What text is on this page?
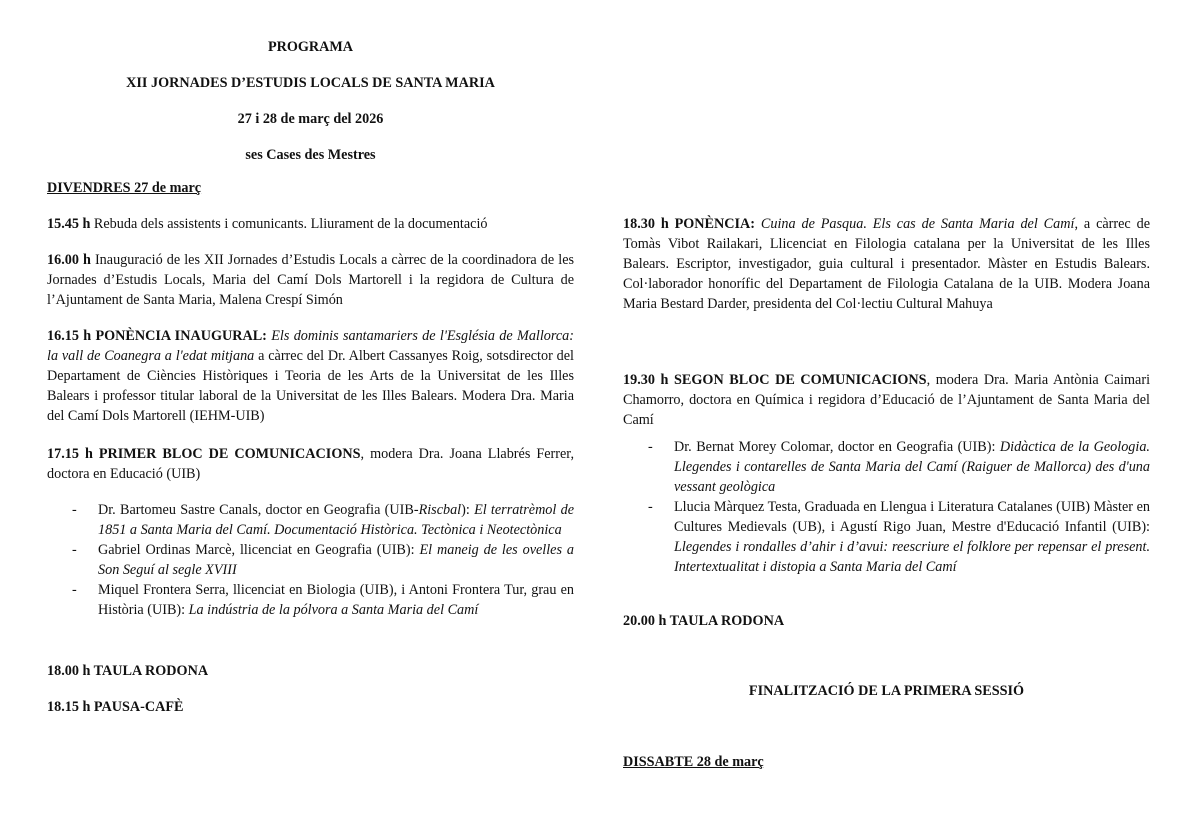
PROGRAMA
XII JORNADES D’ESTUDIS LOCALS DE SANTA MARIA
27 i 28 de març del 2026
ses Cases des Mestres
DIVENDRES 27 de març

15.45 h Rebuda dels assistents i comunicants. Lliurament de la documentació

16.00 h Inauguració de les XII Jornades d’Estudis Locals a càrrec de la coordinadora de les Jornades d’Estudis Locals, Maria del Camí Dols Martorell i la regidora de Cultura de l’Ajuntament de Santa Maria, Malena Crespí Simón

16.15 h PONÈNCIA INAUGURAL: Els dominis santamariers de l'Església de Mallorca: la vall de Coanegra a l'edat mitjana a càrrec del Dr. Albert Cassanyes Roig, sotsdirector del Departament de Ciències Històriques i Teoria de les Arts de la Universitat de les Illes Balears i professor titular laboral de la Universitat de les Illes Balears. Modera Dra. Maria del Camí Dols Martorell (IEHM-UIB)

17.15 h PRIMER BLOC DE COMUNICACIONS, modera Dra. Joana Llabrés Ferrer, doctora en Educació (UIB)

- Dr. Bartomeu Sastre Canals, doctor en Geografia (UIB-Riscbal): El terratrèmol de 1851 a Santa Maria del Camí. Documentació Històrica. Tectònica i Neotectònica
- Gabriel Ordinas Marcè, llicenciat en Geografia (UIB): El maneig de les ovelles a Son Seguí al segle XVIII
- Miquel Frontera Serra, llicenciat en Biologia (UIB), i Antoni Frontera Tur, grau en Història (UIB): La indústria de la pólvora a Santa Maria del Camí
18.00 h TAULA RODONA
18.15 h PAUSA-CAFÈ

18.30 h PONÈNCIA: Cuina de Pasqua. Els cas de Santa Maria del Camí, a càrrec de Tomàs Vibot Railakari, Llicenciat en Filologia catalana per la Universitat de les Illes Balears. Escriptor, investigador, guia cultural i presentador. Màster en Estudis Balears. Col·laborador honorífic del Departament de Filologia Catalana de la UIB. Modera Joana Maria Bestard Darder, presidenta del Col·lectiu Cultural Mahuya

19.30 h SEGON BLOC DE COMUNICACIONS, modera Dra. Maria Antònia Caimari Chamorro, doctora en Química i regidora d’Educació de l’Ajuntament de Santa Maria del Camí

- Dr. Bernat Morey Colomar, doctor en Geografia (UIB): Didàctica de la Geologia. Llegendes i contarelles de Santa Maria del Camí (Raiguer de Mallorca) des d'una vessant geològica
- Llucia Màrquez Testa, Graduada en Llengua i Literatura Catalanes (UIB) Màster en Cultures Medievals (UB), i Agustí Rigo Juan, Mestre d'Educació Infantil (UIB): Llegendes i rondalles d’ahir i d’avui: reescriure el folklore per repensar el present. Intertextualitat i distopia a Santa Maria del Camí
20.00 h TAULA RODONA
FINALITZACIÓ DE LA PRIMERA SESSIÓ
DISSABTE 28 de març
